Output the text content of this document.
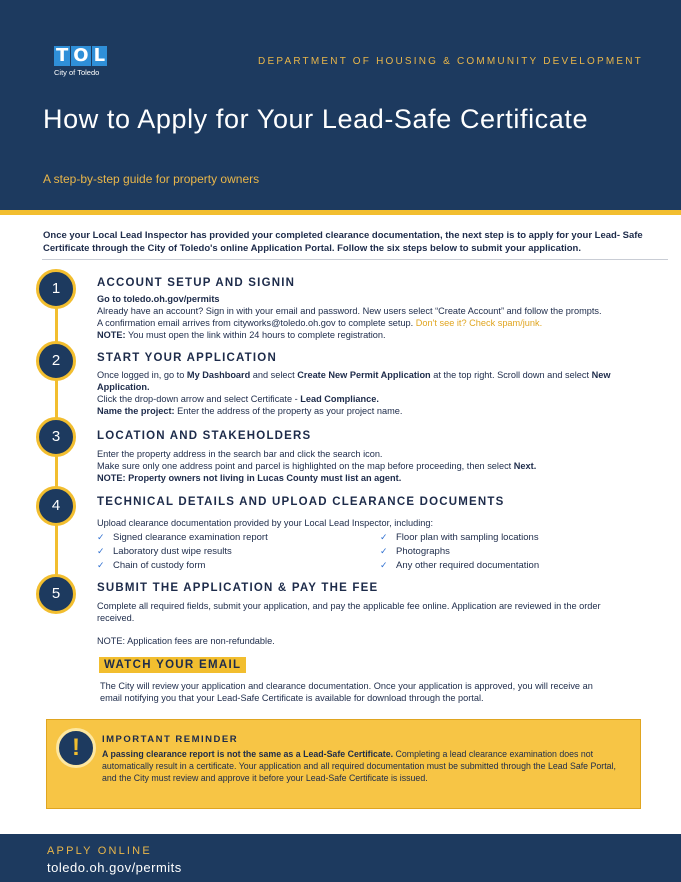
T O L
City of Toledo
DEPARTMENT OF HOUSING & COMMUNITY DEVELOPMENT
How to Apply for Your Lead-Safe Certificate
A step-by-step guide for property owners
Once your Local Lead Inspector has provided your completed clearance documentation, the next step is to apply for your Lead- Safe Certificate through the City of Toledo's online Application Portal. Follow the six steps below to submit your application.
1
2
3
4
5
ACCOUNT SETUP AND SIGNIN
Go to toledo.oh.gov/permits
Already have an account? Sign in with your email and password. New users select “Create Account” and follow the prompts.
A confirmation email arrives from cityworks@toledo.oh.gov to complete setup. Don't see it? Check spam/junk.
NOTE: You must open the link within 24 hours to complete registration.
START YOUR APPLICATION
Once logged in, go to My Dashboard and select Create New Permit Application at the top right. Scroll down and select New Application.
Click the drop-down arrow and select Certificate - Lead Compliance.
Name the project: Enter the address of the property as your project name.
LOCATION AND STAKEHOLDERS
Enter the property address in the search bar and click the search icon.
Make sure only one address point and parcel is highlighted on the map before proceeding, then select Next.
NOTE: Property owners not living in Lucas County must list an agent.
TECHNICAL DETAILS AND UPLOAD CLEARANCE DOCUMENTS
Upload clearance documentation provided by your Local Lead Inspector, including:
✓ Signed clearance examination report
✓ Laboratory dust wipe results
✓ Chain of custody form
✓ Floor plan with sampling locations
✓ Photographs
✓ Any other required documentation
SUBMIT THE APPLICATION & PAY THE FEE
Complete all required fields, submit your application, and pay the applicable fee online. Application are reviewed in the order received.
NOTE: Application fees are non-refundable.
WATCH YOUR EMAIL
The City will review your application and clearance documentation. Once your application is approved, you will receive an email notifying you that your Lead-Safe Certificate is available for download through the portal.
!	IMPORTANT REMINDER
A passing clearance report is not the same as a Lead-Safe Certificate. Completing a lead clearance examination does not automatically result in a certificate. Your application and all required documentation must be submitted through the Lead Safe Portal, and the City must review and approve it before your Lead-Safe Certificate is issued.
APPLY ONLINE
toledo.oh.gov/permits
